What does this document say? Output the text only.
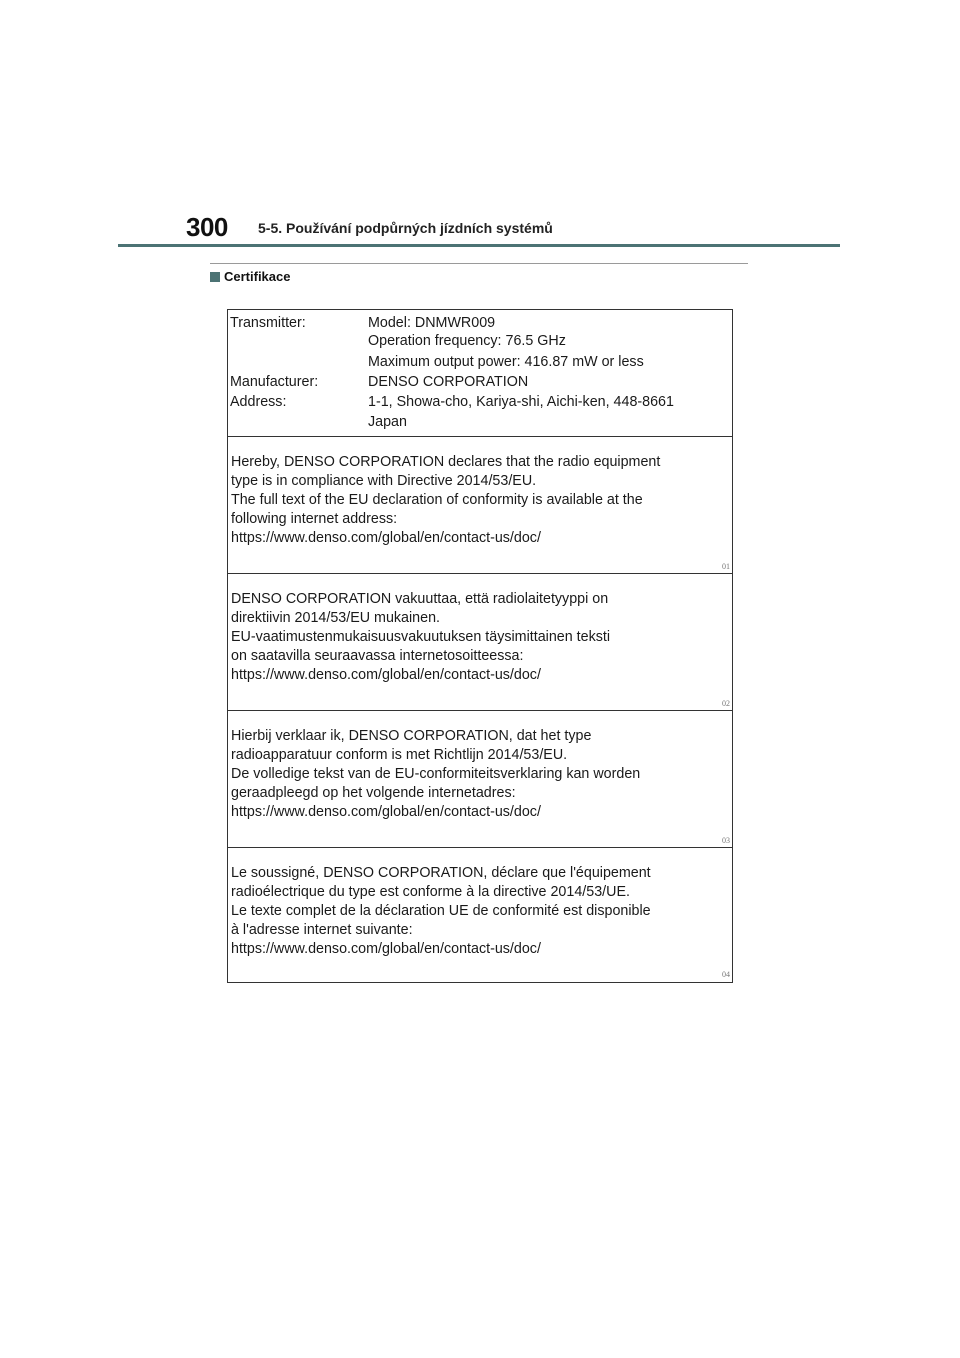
300 5-5. Používání podpůrných jízdních systémů
Certifikace
Transmitter:	Model: DNMWR009
Operation frequency: 76.5 GHz
Maximum output power: 416.87 mW or less
Manufacturer:	DENSO CORPORATION
Address:	1-1, Showa-cho, Kariya-shi, Aichi-ken, 448-8661
Japan
Hereby, DENSO CORPORATION declares that the radio equipment
type is in compliance with Directive 2014/53/EU.
The full text of the EU declaration of conformity is available at the
following internet address:
https://www.denso.com/global/en/contact-us/doc/
01
DENSO CORPORATION vakuuttaa, että radiolaitetyyppi on
direktiivin 2014/53/EU mukainen.
EU-vaatimustenmukaisuusvakuutuksen täysimittainen teksti
on saatavilla seuraavassa internetosoitteessa:
https://www.denso.com/global/en/contact-us/doc/
02
Hierbij verklaar ik, DENSO CORPORATION, dat het type
radioapparatuur conform is met Richtlijn 2014/53/EU.
De volledige tekst van de EU-conformiteitsverklaring kan worden
geraadpleegd op het volgende internetadres:
https://www.denso.com/global/en/contact-us/doc/
03
Le soussigné, DENSO CORPORATION, déclare que l'équipement
radioélectrique du type est conforme à la directive 2014/53/UE.
Le texte complet de la déclaration UE de conformité est disponible
à l'adresse internet suivante:
https://www.denso.com/global/en/contact-us/doc/
04
